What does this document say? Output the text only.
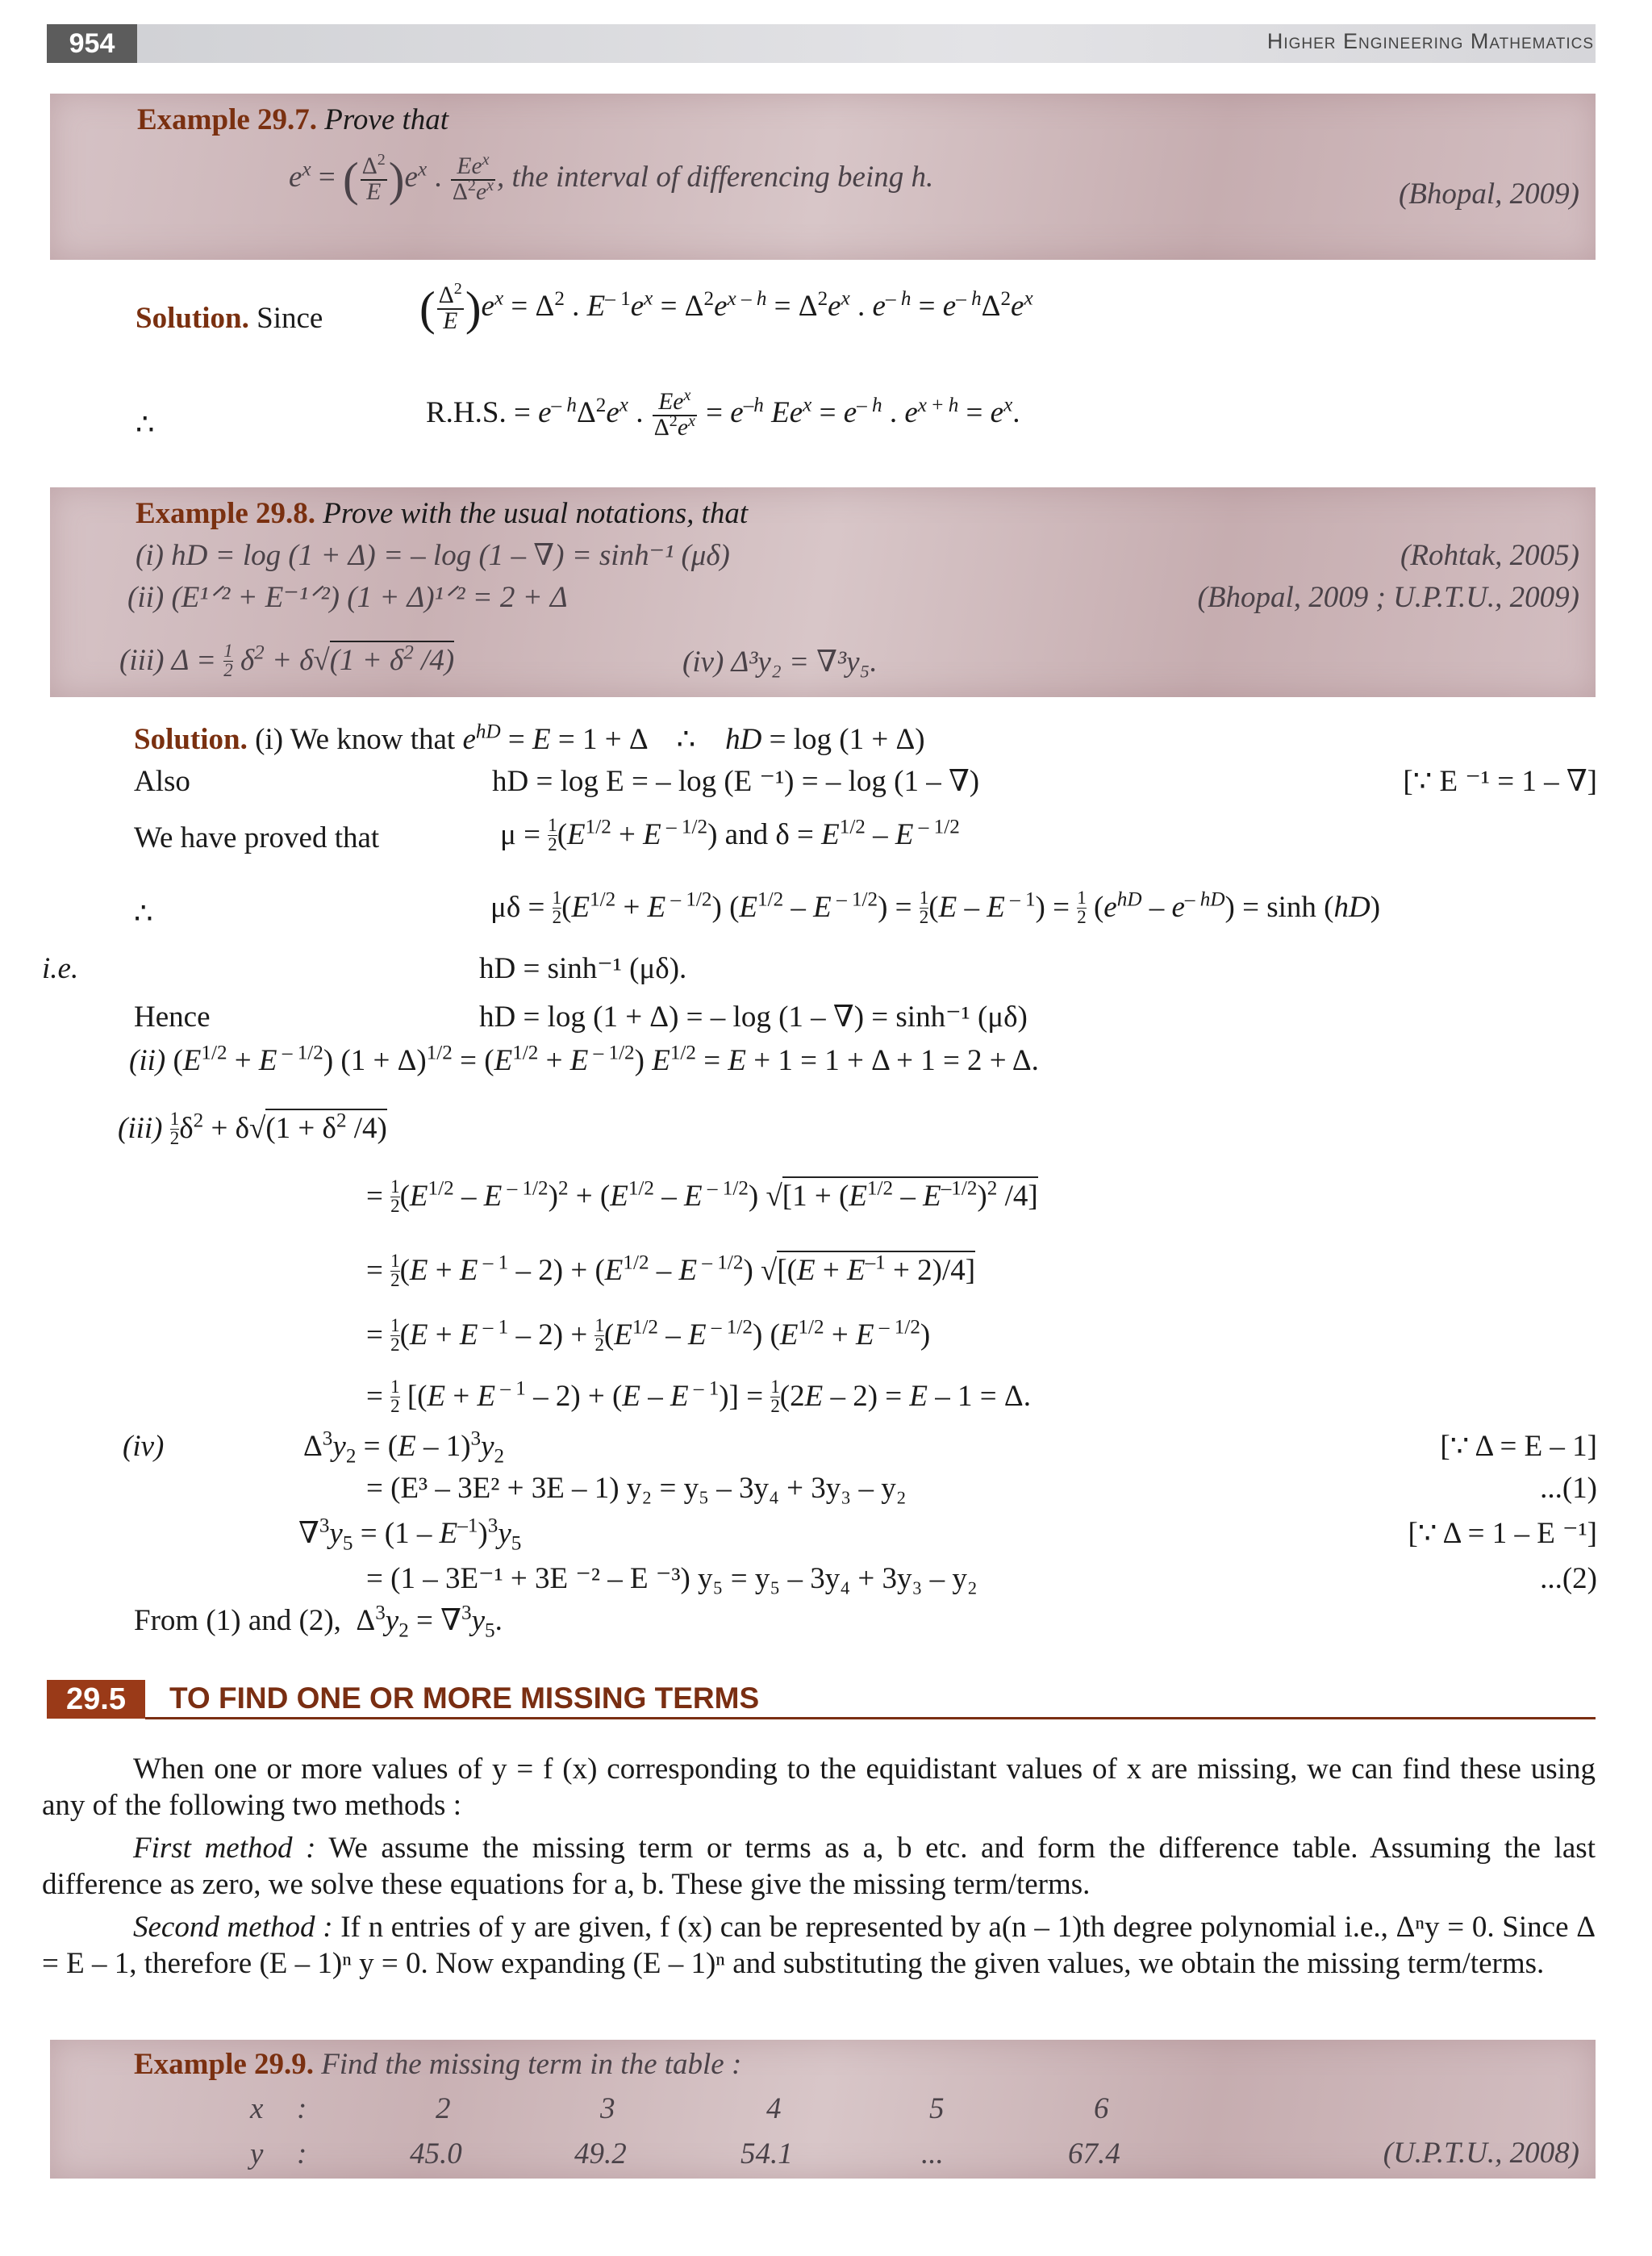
954	Higher Engineering Mathematics
Example 29.7. Prove that
$e^x$ = ( $\frac{\Delta^2}{E} )e^x$ . $\frac{Ee^x}{\Delta^2e^x}$ , the interval of differencing being h.
(Bhopal, 2009)
Solution. Since ( $\frac{\Delta^2}{E} )e^x = \Delta^2$ . $E^{- 1}e^x = \Delta^2e^{x - h} = \Delta^2e^x$ . $e^{- h} = e^{- h}\Delta^2e^x$
∴	R.H.S. = $e^{- h}\Delta^2e^x$ . $\frac{Ee^x}{\Delta^2e^x} = e^{-h}$ $Ee^x = e^{- h}$ . $e^{x + h} = e^x$.
Example 29.8. Prove with the usual notations, that
(i) hD = log (1 + Δ) = – log (1 – ∇) = sinh⁻¹ (μδ)	(Rohtak, 2005)
(ii) (E¹ᐟ² + E⁻¹ᐟ²) (1 + Δ)¹ᐟ² = 2 + Δ	(Bhopal, 2009 ; U.P.T.U., 2009)
(iii) $\Delta = \frac{1}{2} \delta^2 + \delta√(1 + \delta^2$ /4)	(iv) Δ³y₂ = ∇³y₅.
Solution. (i) We know that $e^{hD} = E = 1 + \Delta$    ∴    hD = log (1 + Δ)
Also	hD = log E = – log (E ⁻¹) = – log (1 – ∇)	[∵ E ⁻¹ = 1 – ∇]
We have proved that	$\mu = \frac{1}{2} (E^{1/2} + E$ $^{- 1/2}$) and $\delta = E^{1/2} - E$ $^{- 1/2}$
∴	$\mu\delta = \frac{1}{2} (E^{1/2} + E$ $^{- 1/2}$) ($E^{1/2}$ – E $^{- 1/2}) = \frac{1}{2} (E - E$ $^{- 1}) = \frac{1}{2} (e^{hD} - e^{- hD}) = \sinh (hD)$
i.e.	hD = sinh⁻¹ (μδ).
Hence	hD = log (1 + Δ) = – log (1 – ∇) = sinh⁻¹ (μδ)
(ii) ($E^{1/2} + E$ $^{- 1/2}$) $(1 + \Delta)^{1/2} = (E^{1/2} + E$ $^{- 1/2}$) $E^{1/2} = E + 1 = 1 + \Delta + 1 = 2 + \Delta$.
$(iii) \frac{1}{2} \delta^2 + \delta√(1 + \delta^2$ /4)
= $\frac{1}{2} (E^{1/2}$ – E $^{- 1/2})^2 + (E^{1/2} - E$ $^{- 1/2}$) $√[1 + (E^{1/2} - E^{-1/2})^2$ /4]
= $\frac{1}{2} (E + E$ $^{- 1} - 2) + (E^{1/2} - E$ $^{- 1/2}$) $√[(E + E^{-1} + 2)/4]$
= $\frac{1}{2} (E + E$ $^{- 1} - 2) + \frac{1}{2} (E^{1/2} - E$ $^{- 1/2}$) ($E^{1/2} + E$ $^{- 1/2}$)
= $\frac{1}{2} [(E + E$ $^{- 1}$ – 2) + (E – E $^{- 1})] = \frac{1}{2} (2E - 2) = E - 1 = \Delta$.
(iv)	$\Delta^3y_2 = (E - 1)^3y_2$	[∵ Δ = E – 1]
= (E³ – 3E² + 3E – 1) y₂ = y₅ – 3y₄ + 3y₃ – y₂	...(1)
$\nabla^3y_5 = (1 - E^{-1})^3y_5$	[∵ Δ = 1 – E ⁻¹]
= (1 – 3E⁻¹ + 3E ⁻² – E ⁻³) y₅ = y₅ – 3y₄ + 3y₃ – y₂	...(2)
From (1) and (2),  $\Delta^3y_2 = \nabla^3y_5$.
29.5	TO FIND ONE OR MORE MISSING TERMS
When one or more values of y = f (x) corresponding to the equidistant values of x are missing, we can find these using any of the following two methods :
First method : We assume the missing term or terms as a, b etc. and form the difference table. Assuming the last difference as zero, we solve these equations for a, b. These give the missing term/terms.
Second method : If n entries of y are given, f (x) can be represented by a(n – 1)th degree polynomial i.e., Δⁿy = 0. Since Δ = E – 1, therefore (E – 1)ⁿ y = 0. Now expanding (E – 1)ⁿ and substituting the given values, we obtain the missing term/terms.
Example 29.9. Find the missing term in the table :
x :	2	3	4	5	6
y :	45.0	49.2	54.1	...	67.4	(U.P.T.U., 2008)
